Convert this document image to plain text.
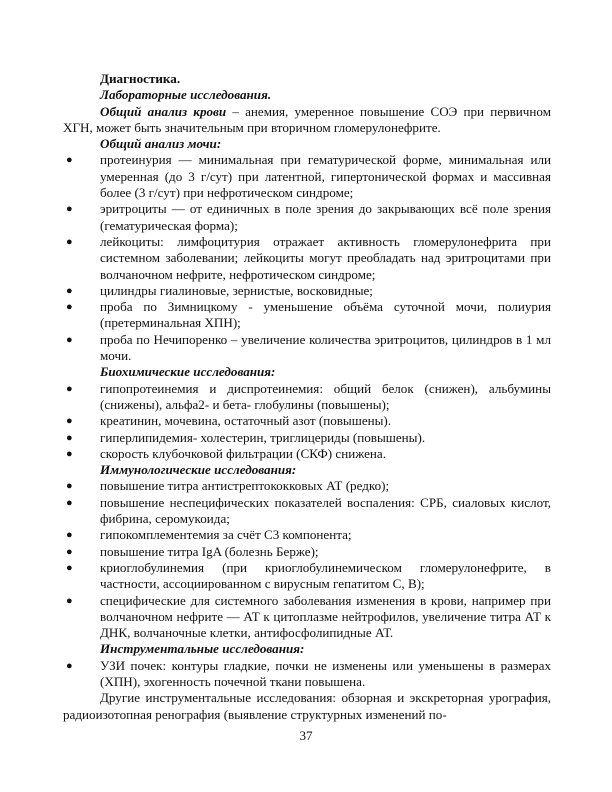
Диагностика.

Лабораторные исследования.

Общий анализ крови – анемия, умеренное повышение СОЭ при первичном ХГН, может быть значительным при вторичном гломерулонефрите.

Общий анализ мочи:

● протеинурия — минимальная при гематурической форме, минимальная или умеренная (до 3 г/сут) при латентной, гипертонической формах и массивная более (3 г/сут) при нефротическом синдроме;
● эритроциты — от единичных в поле зрения до закрывающих всё поле зрения (гематурическая форма);
● лейкоциты: лимфоцитурия отражает активность гломерулонефрита при системном заболевании; лейкоциты могут преобладать над эритроцитами при волчаночном нефрите, нефротическом синдроме;
● цилиндры гиалиновые, зернистые, восковидные;
● проба по Зимницкому - уменьшение объёма суточной мочи, полиурия (претерминальная ХПН);
● проба по Нечипоренко – увеличение количества эритроцитов, цилиндров в 1 мл мочи.

Биохимические исследования:

● гипопротеинемия и диспротеинемия: общий белок (снижен), альбумины (снижены), альфа2- и бета- глобулины (повышены);
● креатинин, мочевина, остаточный азот (повышены).
● гиперлипидемия- холестерин, триглицериды (повышены).
● скорость клубочковой фильтрации (СКФ) снижена.

Иммунологические исследования:

● повышение титра антистрептококковых АТ (редко);
● повышение неспецифических показателей воспаления: СРБ, сиаловых кислот, фибрина, серомукоида;
● гипокомплементемия за счёт С3 компонента;
● повышение титра IgA (болезнь Берже);
● криоглобулинемия (при криоглобулинемическом гломерулонефрите, в частности, ассоциированном с вирусным гепатитом С, В);
● специфические для системного заболевания изменения в крови, например при волчаночном нефрите — АТ к цитоплазме нейтрофилов, увеличение титра АТ к ДНК, волчаночные клетки, антифосфолипидные АТ.

Инструментальные исследования:

● УЗИ почек: контуры гладкие, почки не изменены или уменьшены в размерах (ХПН), эхогенность почечной ткани повышена.

Другие инструментальные исследования: обзорная и экскреторная урография, радиоизотопная ренография (выявление структурных изменений по-

37
